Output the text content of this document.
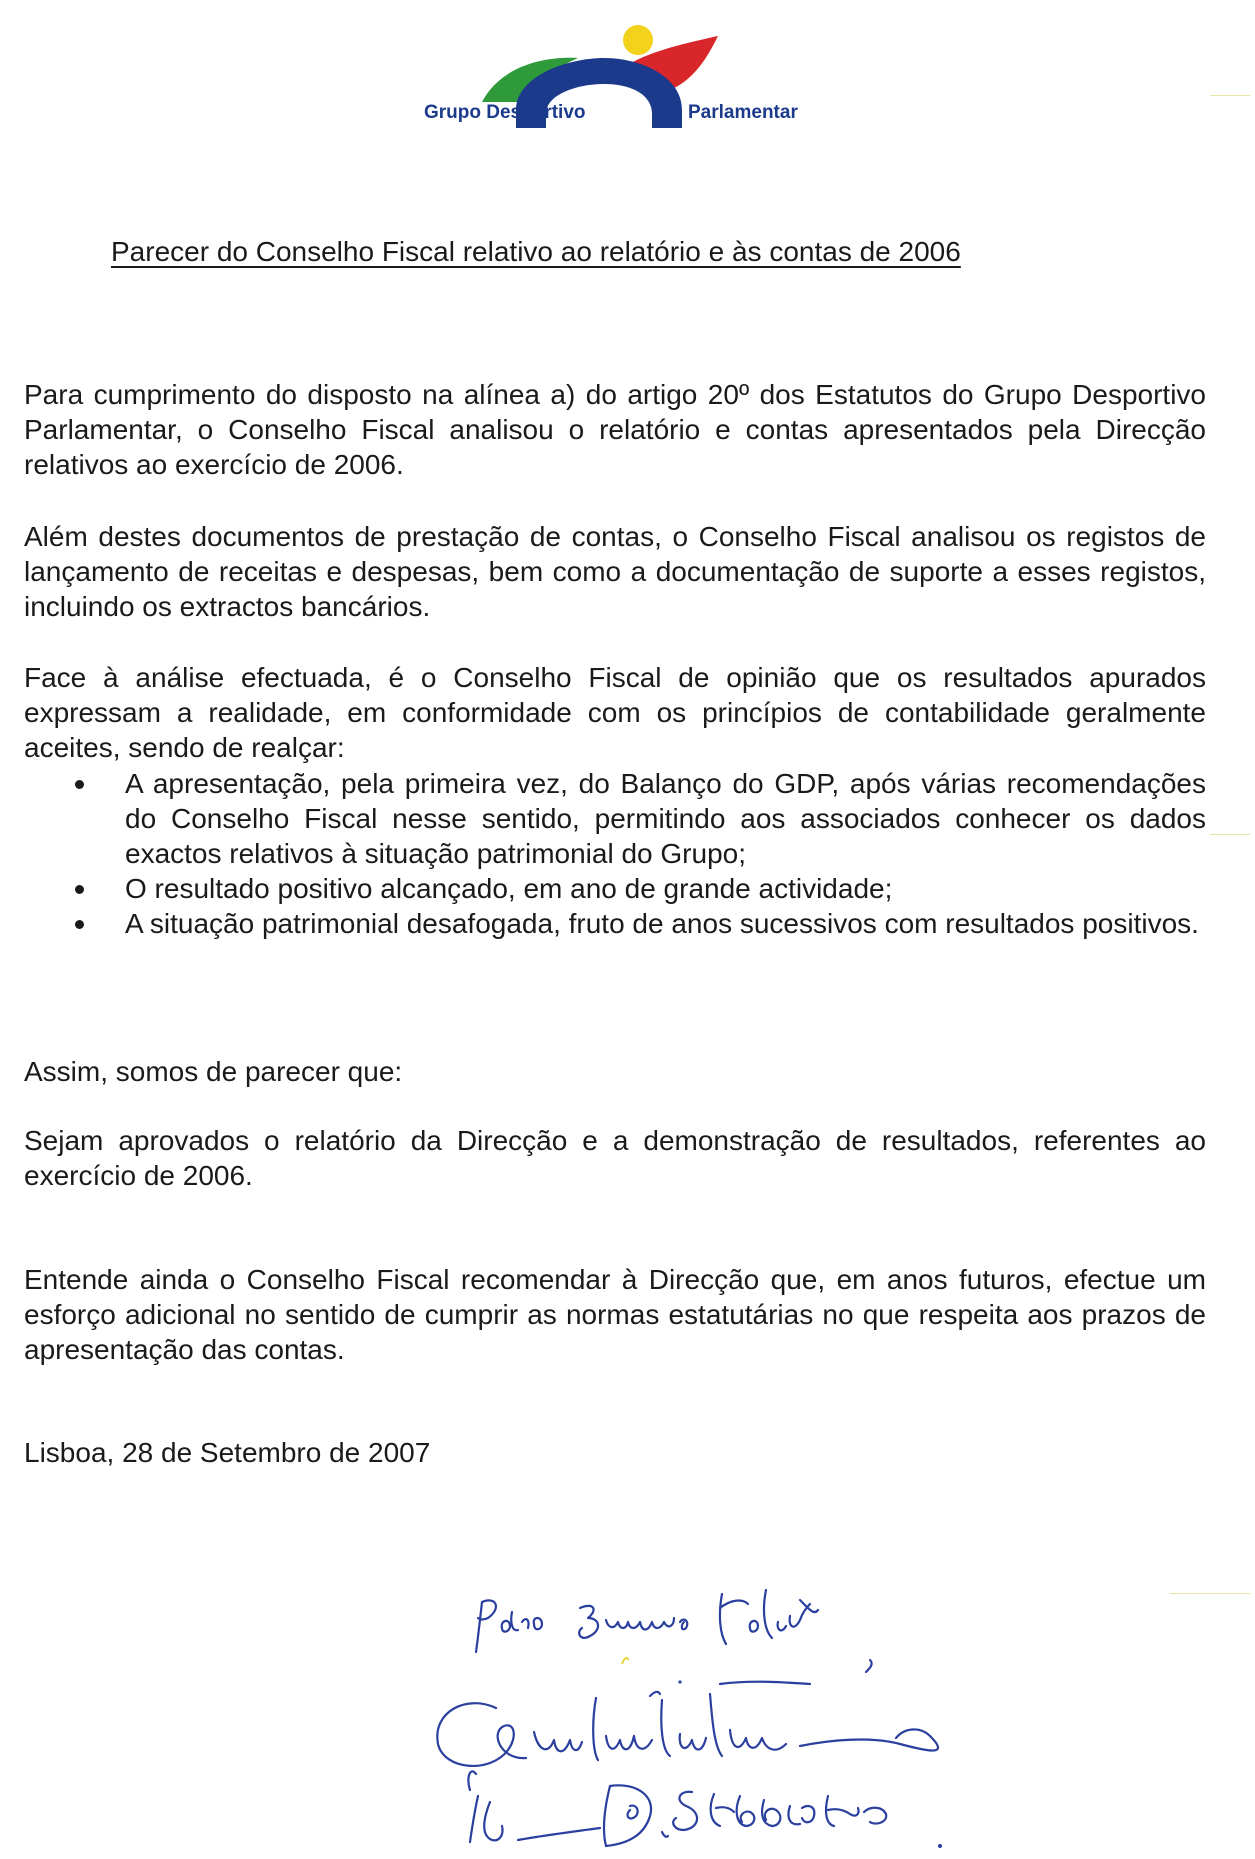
Grupo Desportivo	Parlamentar
Parecer do Conselho Fiscal relativo ao relatório e às contas de 2006

Para cumprimento do disposto na alínea a) do artigo 20º dos Estatutos do Grupo Desportivo Parlamentar, o Conselho Fiscal analisou o relatório e contas apresentados pela Direcção relativos ao exercício de 2006.

Além destes documentos de prestação de contas, o Conselho Fiscal analisou os registos de lançamento de receitas e despesas, bem como a documentação de suporte a esses registos, incluindo os extractos bancários.

Face à análise efectuada, é o Conselho Fiscal de opinião que os resultados apurados expressam a realidade, em conformidade com os princípios de contabilidade geralmente aceites, sendo de realçar:

A apresentação, pela primeira vez, do Balanço do GDP, após várias recomendações do Conselho Fiscal nesse sentido, permitindo aos associados conhecer os dados exactos relativos à situação patrimonial do Grupo;
O resultado positivo alcançado, em ano de grande actividade;
A situação patrimonial desafogada, fruto de anos sucessivos com resultados positivos.

Assim, somos de parecer que:

Sejam aprovados o relatório da Direcção e a demonstração de resultados, referentes ao exercício de 2006.

Entende ainda o Conselho Fiscal recomendar à Direcção que, em anos futuros, efectue um esforço adicional no sentido de cumprir as normas estatutárias no que respeita aos prazos de apresentação das contas.

Lisboa, 28 de Setembro de 2007
